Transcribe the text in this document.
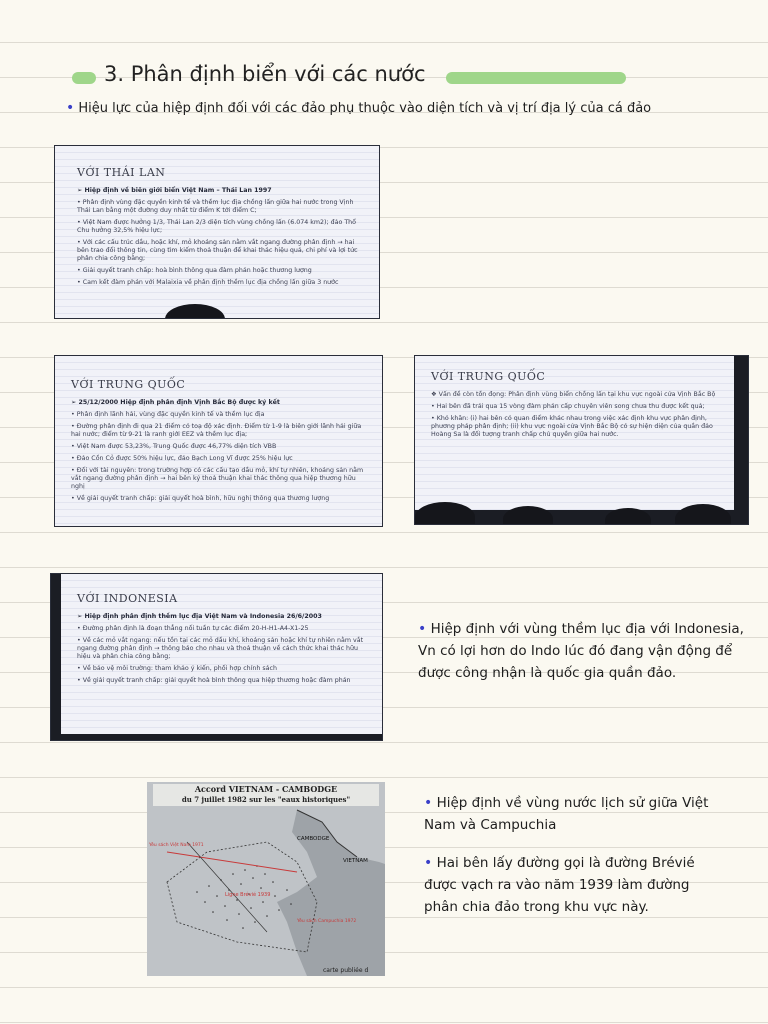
3. Phân định biển với các nước
• Hiệu lực của hiệp định đối với các đảo phụ thuộc vào diện tích và vị trí địa lý của cá đảo
VỚI THÁI LAN
➢ Hiệp định về biên giới biển Việt Nam – Thái Lan 1997
• Phân định vùng đặc quyền kinh tế và thềm lục địa chồng lấn giữa hai nước trong Vịnh Thái Lan bằng một đường duy nhất từ điểm K tới điểm C;
• Việt Nam được hưởng 1/3, Thái Lan 2/3 diện tích vùng chồng lấn (6.074 km2); đảo Thổ Chu hưởng 32,5% hiệu lực;
• Với các cấu trúc dầu, hoặc khí, mỏ khoáng sản nằm vắt ngang đường phân định → hai bên trao đổi thông tin, cùng tìm kiếm thoả thuận để khai thác hiệu quả, chi phí và lợi tức phân chia công bằng;
• Giải quyết tranh chấp: hoà bình thông qua đàm phán hoặc thương lượng
• Cam kết đàm phán với Malaixia về phân định thềm lục địa chồng lấn giữa 3 nước
VỚI TRUNG QUỐC
➢ 25/12/2000 Hiệp định phân định Vịnh Bắc Bộ được ký kết
• Phân định lãnh hải, vùng đặc quyền kinh tế và thềm lục địa
• Đường phân định đi qua 21 điểm có toạ độ xác định. Điểm từ 1-9 là biên giới lãnh hải giữa hai nước; điểm từ 9-21 là ranh giới EEZ và thềm lục địa;
• Việt Nam được 53,23%, Trung Quốc được 46,77% diện tích VBB
• Đảo Cồn Cỏ được 50% hiệu lực, đảo Bạch Long Vĩ được 25% hiệu lực
• Đối với tài nguyên: trong trường hợp có các cấu tạo dầu mỏ, khí tự nhiên, khoáng sản nằm vắt ngang đường phân định → hai bên ký thoả thuận khai thác thông qua hiệp thương hữu nghị
• Về giải quyết tranh chấp: giải quyết hoà bình, hữu nghị thông qua thương lượng
VỚI TRUNG QUỐC
❖ Vấn đề còn tồn đọng: Phân định vùng biển chồng lấn tại khu vực ngoài cửa Vịnh Bắc Bộ
• Hai bên đã trải qua 15 vòng đàm phán cấp chuyên viên song chưa thu được kết quả;
• Khó khăn: (i) hai bên có quan điểm khác nhau trong việc xác định khu vực phân định, phương pháp phân định; (ii) khu vực ngoài cửa Vịnh Bắc Bộ có sự hiện diện của quần đảo Hoàng Sa là đối tượng tranh chấp chủ quyền giữa hai nước.
VỚI INDONESIA
➢ Hiệp định phân định thềm lục địa Việt Nam và Indonesia 26/6/2003
• Đường phân định là đoạn thẳng nối tuần tự các điểm 20-H-H1-A4-X1-25
• Về các mỏ vắt ngang: nếu tồn tại các mỏ dầu khí, khoáng sản hoặc khí tự nhiên nằm vắt ngang đường phân định → thông báo cho nhau và thoả thuận về cách thức khai thác hữu hiệu và phân chia công bằng;
• Về bảo vệ môi trường: tham khảo ý kiến, phối hợp chính sách
• Về giải quyết tranh chấp: giải quyết hoà bình thông qua hiệp thương hoặc đàm phán
• Hiệp định với vùng thềm lục địa với Indonesia, Vn có lợi hơn do Indo lúc đó đang vận động để được công nhận là quốc gia quần đảo.
Accord VIETNAM - CAMBODGE
du 7 juillet 1982 sur les "eaux historiques"
CAMBODGE
VIETNAM
Ligne Brévié 1939
Yêu sách Campuchia 1972
Yêu sách Việt Nam 1971
carte publiée d
• Hiệp định về vùng nước lịch sử giữa Việt Nam và Campuchia
• Hai bên lấy đường gọi là đường Brévié được vạch ra vào năm 1939 làm đường phân chia đảo trong khu vực này.
